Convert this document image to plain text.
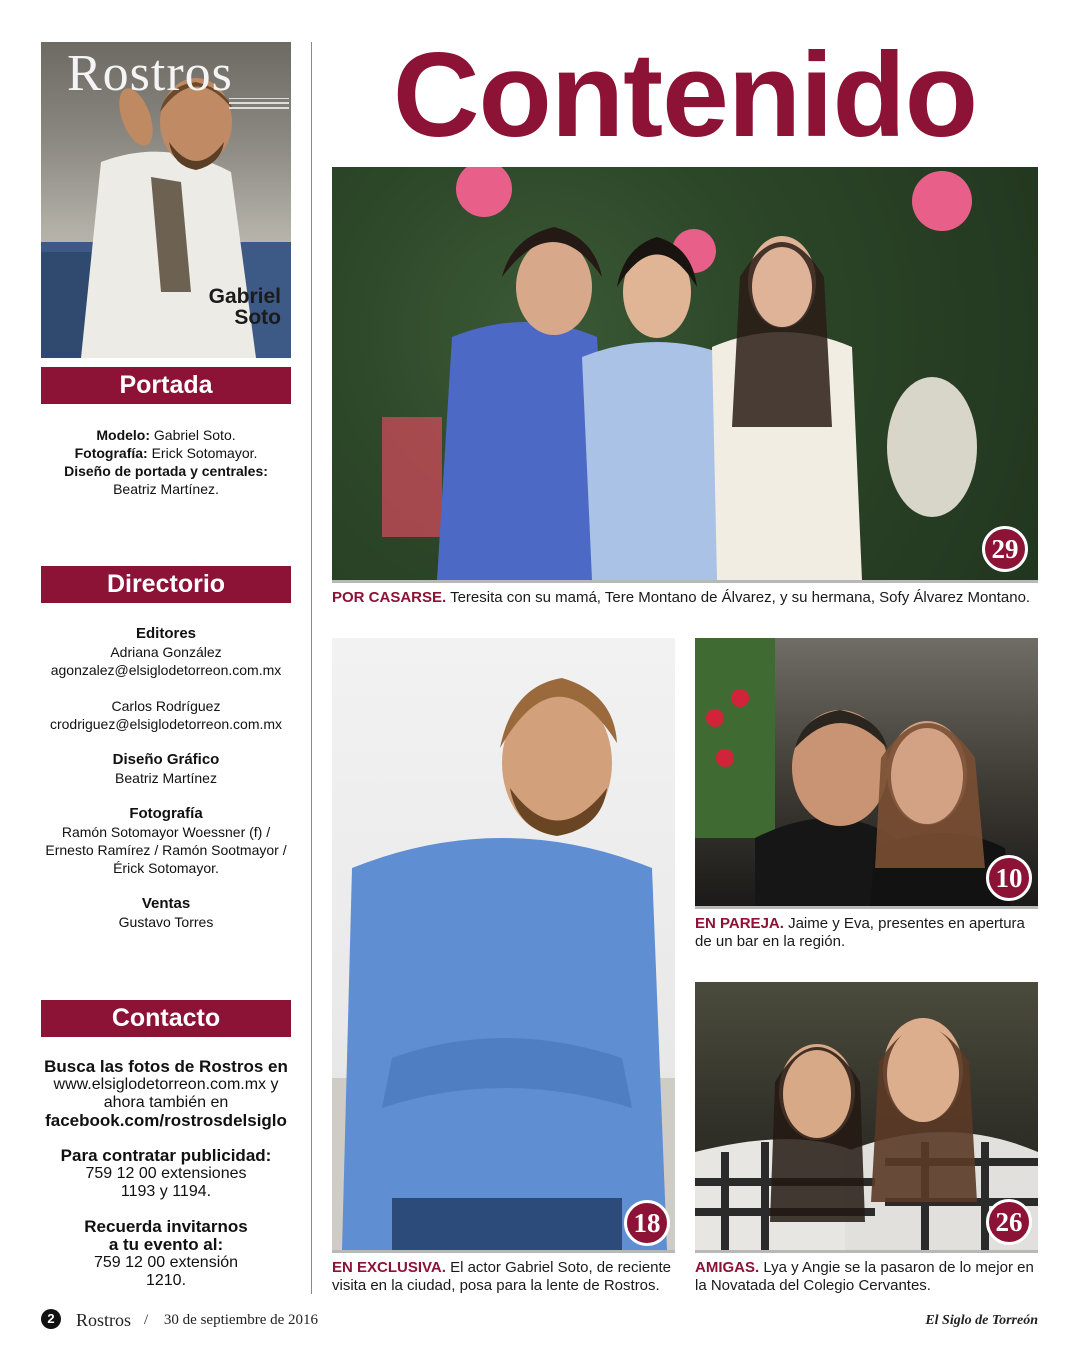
Rostros
Gabriel Soto
Portada
Modelo: Gabriel Soto.
Fotografía: Erick Sotomayor.
Diseño de portada y centrales:
Beatriz Martínez.
Directorio
Editores
Adriana González
agonzalez@elsiglodetorreon.com.mx
Carlos Rodríguez
crodriguez@elsiglodetorreon.com.mx
Diseño Gráfico
Beatriz Martínez
Fotografía
Ramón Sotomayor Woessner (f) /
Ernesto Ramírez / Ramón Sootmayor /
Érick Sotomayor.
Ventas
Gustavo Torres
Contacto
Busca las fotos de Rostros en
www.elsiglodetorreon.com.mx y
ahora también en
facebook.com/rostrosdelsiglo
Para contratar publicidad:
759 12 00 extensiones
1193 y 1194.
Recuerda invitarnos
a tu evento al:
759 12 00 extensión
1210.
Contenido
29
POR CASARSE. Teresita con su mamá, Tere Montano de Álvarez, y su hermana, Sofy Álvarez Montano.
18
EN EXCLUSIVA. El actor Gabriel Soto, de reciente visita en la ciudad, posa para la lente de Rostros.
10
EN PAREJA. Jaime y Eva, presentes en apertura de un bar en la región.
26
AMIGAS. Lya y Angie se la pasaron de lo mejor en la Novatada del Colegio Cervantes.
2	Rostros / 30 de septiembre de 2016	El Siglo de Torreón
